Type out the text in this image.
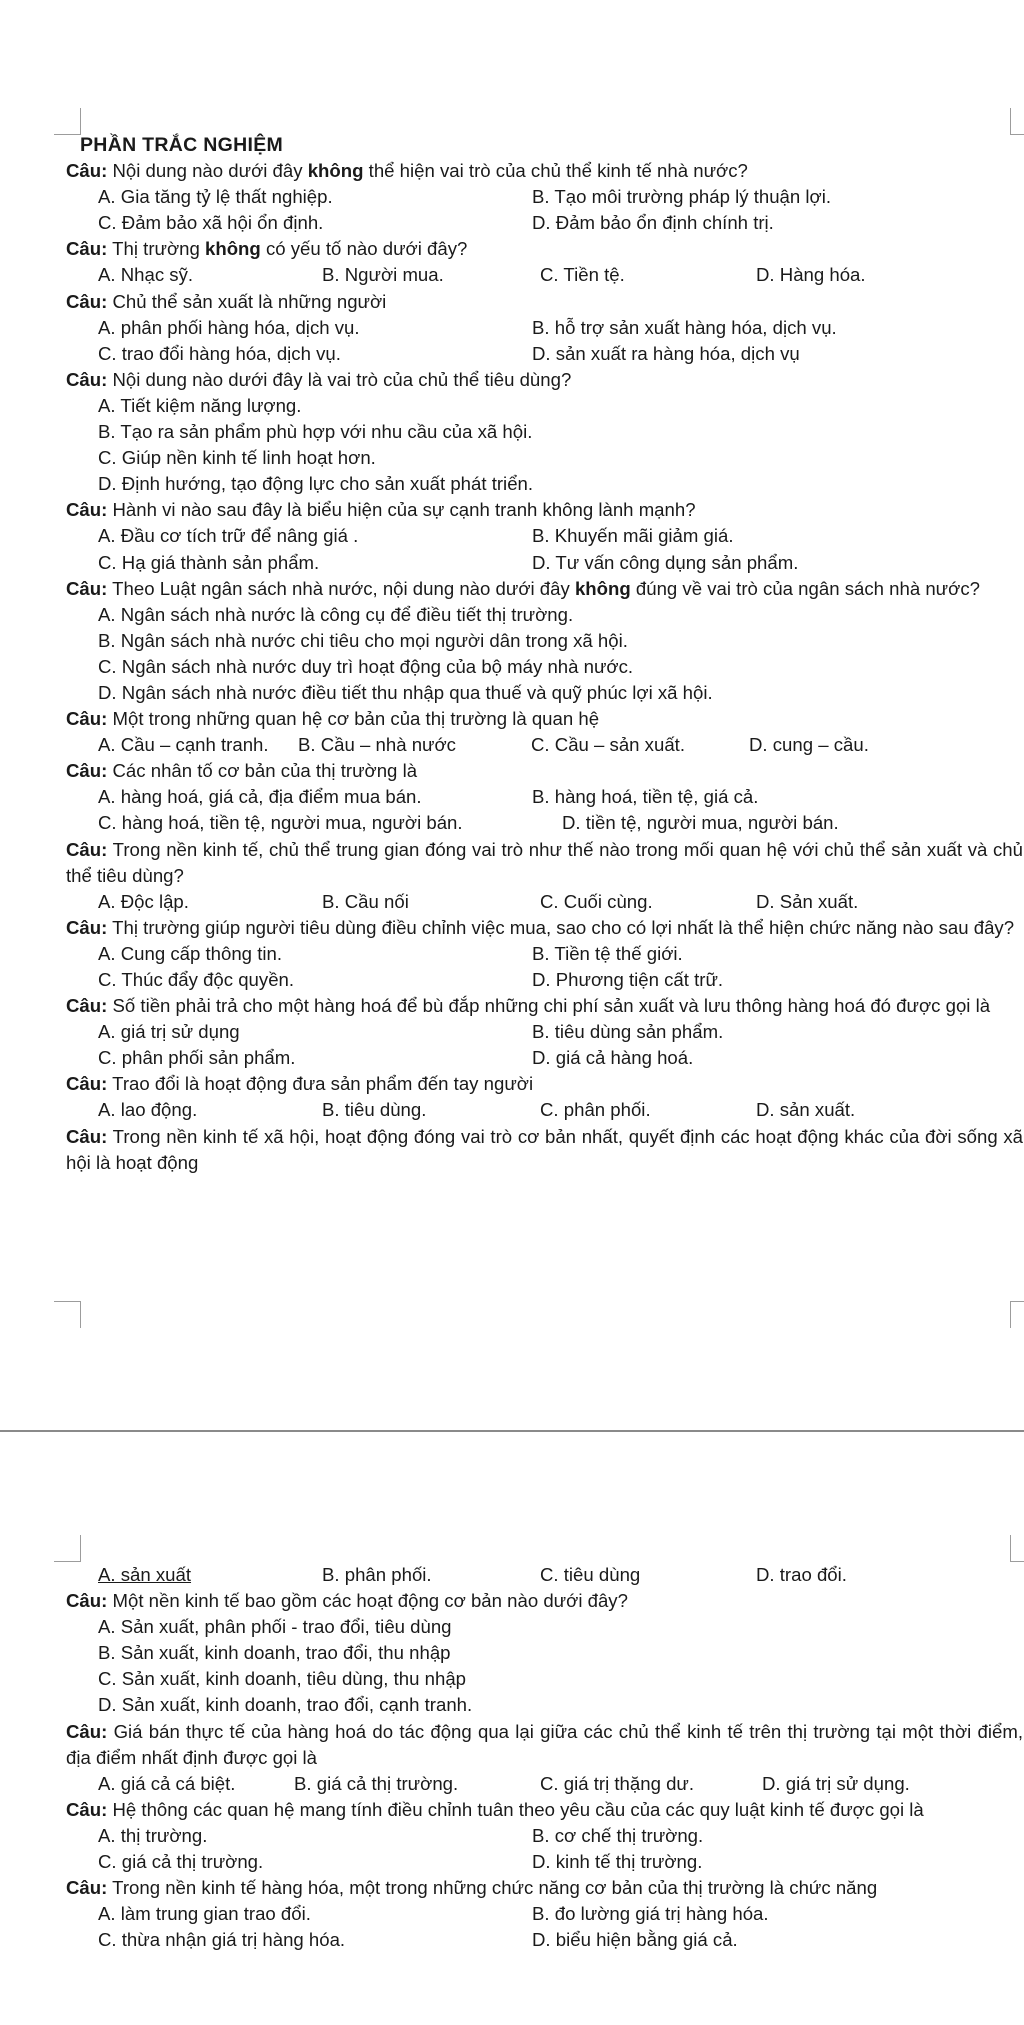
PHẦN TRẮC NGHIỆM

Câu: Nội dung nào dưới đây không thể hiện vai trò của chủ thể kinh tế nhà nước?

A. Gia tăng tỷ lệ thất nghiệp.	B. Tạo môi trường pháp lý thuận lợi.
C. Đảm bảo xã hội ổn định.	D. Đảm bảo ổn định chính trị.

Câu: Thị trường không có yếu tố nào dưới đây?

A. Nhạc sỹ.	B. Người mua.	C. Tiền tệ.	D. Hàng hóa.

Câu: Chủ thể sản xuất là những người

A. phân phối hàng hóa, dịch vụ.	B. hỗ trợ sản xuất hàng hóa, dịch vụ.
C. trao đổi hàng hóa, dịch vụ.	D. sản xuất ra hàng hóa, dịch vụ

Câu: Nội dung nào dưới đây là vai trò của chủ thể tiêu dùng?

A. Tiết kiệm năng lượng.
B. Tạo ra sản phẩm phù hợp với nhu cầu của xã hội.
C. Giúp nền kinh tế linh hoạt hơn.
D. Định hướng, tạo động lực cho sản xuất phát triển.

Câu: Hành vi nào sau đây là biểu hiện của sự cạnh tranh không lành mạnh?

A. Đầu cơ tích trữ để nâng giá .	B. Khuyến mãi giảm giá.
C. Hạ giá thành sản phẩm.	D. Tư vấn công dụng sản phẩm.

Câu: Theo Luật ngân sách nhà nước, nội dung nào dưới đây không đúng về vai trò của ngân sách nhà nước?

A. Ngân sách nhà nước là công cụ để điều tiết thị trường.
B. Ngân sách nhà nước chi tiêu cho mọi người dân trong xã hội.
C. Ngân sách nhà nước duy trì hoạt động của bộ máy nhà nước.
D. Ngân sách nhà nước điều tiết thu nhập qua thuế và quỹ phúc lợi xã hội.

Câu: Một trong những quan hệ cơ bản của thị trường là quan hệ

A. Cầu – cạnh tranh.	B. Cầu – nhà nước	C. Cầu – sản xuất.	D. cung – cầu.

Câu: Các nhân tố cơ bản của thị trường là

A. hàng hoá, giá cả, địa điểm mua bán.	B. hàng hoá, tiền tệ, giá cả.
C. hàng hoá, tiền tệ, người mua, người bán.	D. tiền tệ, người mua, người bán.

Câu: Trong nền kinh tế, chủ thể trung gian đóng vai trò như thế nào trong mối quan hệ với chủ thể sản xuất và chủ thể tiêu dùng?

A. Độc lập.	B. Cầu nối	C. Cuối cùng.	D. Sản xuất.

Câu: Thị trường giúp người tiêu dùng điều chỉnh việc mua, sao cho có lợi nhất là thể hiện chức năng nào sau đây?

A. Cung cấp thông tin.	B. Tiền tệ thế giới.
C. Thúc đẩy độc quyền.	D. Phương tiện cất trữ.

Câu: Số tiền phải trả cho một hàng hoá để bù đắp những chi phí sản xuất và lưu thông hàng hoá đó được gọi là

A. giá trị sử dụng	B. tiêu dùng sản phẩm.
C. phân phối sản phẩm.	D. giá cả hàng hoá.

Câu: Trao đổi là hoạt động đưa sản phẩm đến tay người

A. lao động.	B. tiêu dùng.	C. phân phối.	D. sản xuất.

Câu: Trong nền kinh tế xã hội, hoạt động đóng vai trò cơ bản nhất, quyết định các hoạt động khác của đời sống xã hội là hoạt động

A. sản xuất	B. phân phối.	C. tiêu dùng	D. trao đổi.

Câu: Một nền kinh tế bao gồm các hoạt động cơ bản nào dưới đây?

A. Sản xuất, phân phối - trao đổi, tiêu dùng
B. Sản xuất, kinh doanh, trao đổi, thu nhập
C. Sản xuất, kinh doanh, tiêu dùng, thu nhập
D. Sản xuất, kinh doanh, trao đổi, cạnh tranh.

Câu: Giá bán thực tế của hàng hoá do tác động qua lại giữa các chủ thể kinh tế trên thị trường tại một thời điểm, địa điểm nhất định được gọi là

A. giá cả cá biệt.	B. giá cả thị trường.	C. giá trị thặng dư.	D. giá trị sử dụng.

Câu: Hệ thông các quan hệ mang tính điều chỉnh tuân theo yêu cầu của các quy luật kinh tế được gọi là

A. thị trường.	B. cơ chế thị trường.
C. giá cả thị trường.	D. kinh tế thị trường.

Câu: Trong nền kinh tế hàng hóa, một trong những chức năng cơ bản của thị trường là chức năng

A. làm trung gian trao đổi.	B. đo lường giá trị hàng hóa.
C. thừa nhận giá trị hàng hóa.	D. biểu hiện bằng giá cả.
